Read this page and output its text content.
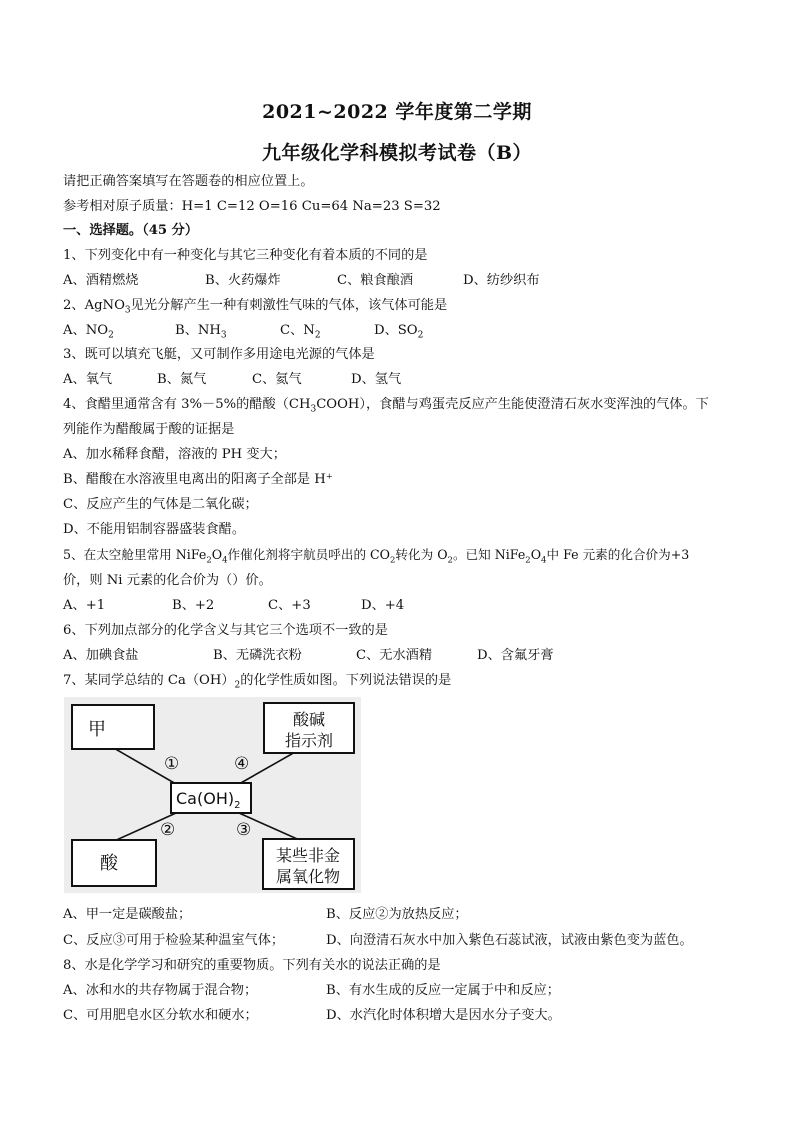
2021~2022 学年度第二学期
九年级化学科模拟考试卷（B）
请把正确答案填写在答题卷的相应位置上。
参考相对原子质量：H=1 C=12 O=16 Cu=64 Na=23 S=32
一、选择题。（45 分）
1、下列变化中有一种变化与其它三种变化有着本质的不同的是
A、酒精燃烧	B、火药爆炸	C、粮食酿酒	D、纺纱织布
2、AgNO$_3$见光分解产生一种有刺激性气味的气体，该气体可能是
A、$NO_2$	B、$NH_3$	C、$N_2$	D、$SO_2$
3、既可以填充飞艇，又可制作多用途电光源的气体是
A、氧气	B、氮气	C、氦气	D、氢气
4、食醋里通常含有 3%－5%的醋酸$(CH_3COOH)$，食醋与鸡蛋壳反应产生能使澄清石灰水变浑浊的气体。下
列能作为醋酸属于酸的证据是
A、加水稀释食醋，溶液的 PH 变大；
B、醋酸在水溶液里电离出的阳离子全部是 H⁺
C、反应产生的气体是二氧化碳；
D、不能用铝制容器盛装食醋。
5、在太空舱里常用 $NiFe_2O_4$作催化剂将宇航员呼出的 $CO_2$转化为 $O_2$。已知 $NiFe_2O_4$中 Fe 元素的化合价为+3
价，则 Ni 元素的化合价为（）价。
A、+1	B、+2	C、+3	D、+4
6、下列加点部分的化学含义与其它三个选项不一致的是
A、加碘食盐	B、无磷洗衣粉	C、无水酒精	D、含氟牙膏
7、某同学总结的 $Ca(OH)_2$的化学性质如图。下列说法错误的是
甲	酸碱
指示剂
$Ca(OH)_2$
酸	某些非金
属氧化物
①	④
②	③
A、甲一定是碳酸盐；	B、反应②为放热反应；
C、反应③可用于检验某种温室气体；	D、向澄清石灰水中加入紫色石蕊试液，试液由紫色变为蓝色。
8、水是化学学习和研究的重要物质。下列有关水的说法正确的是
A、冰和水的共存物属于混合物；	B、有水生成的反应一定属于中和反应；
C、可用肥皂水区分软水和硬水；	D、水汽化时体积增大是因水分子变大。
